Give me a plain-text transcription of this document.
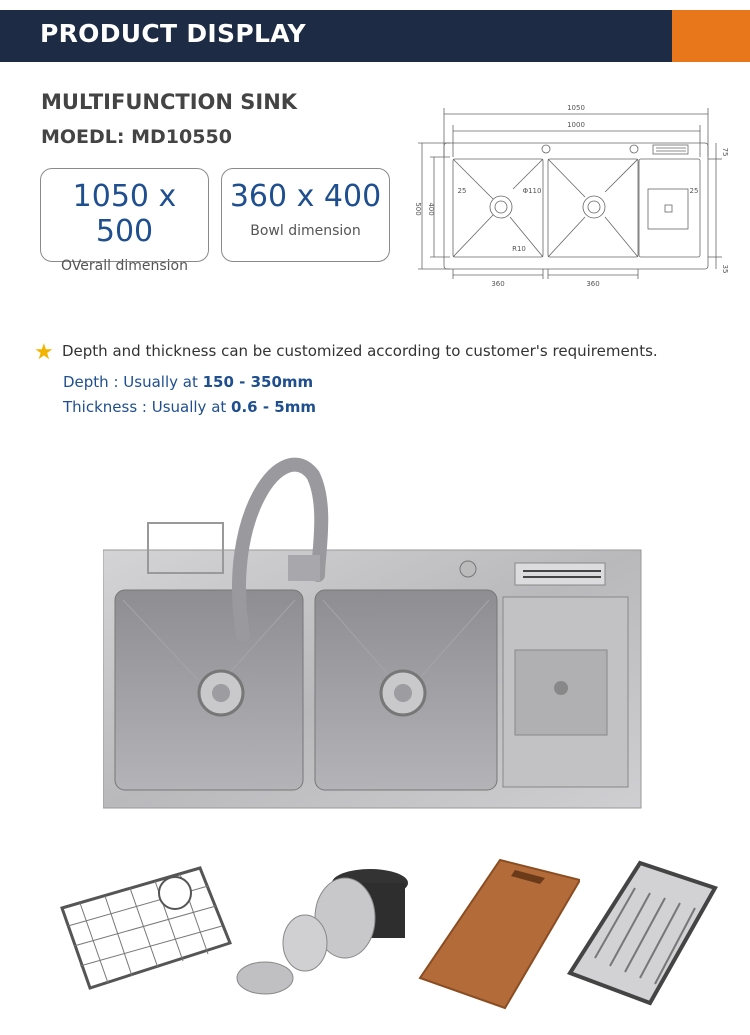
PRODUCT DISPLAY
MULTIFUNCTION SINK
MOEDL: MD10550
1050 x 500
OVerall dimension
360 x 400
Bowl dimension
1050
1000
500 400
360	360
Φ110
R10
25	25
75
35
★ Depth and thickness can be customized according to customer's requirements.
Depth : Usually at 150 - 350mm
Thickness : Usually at 0.6 - 5mm
